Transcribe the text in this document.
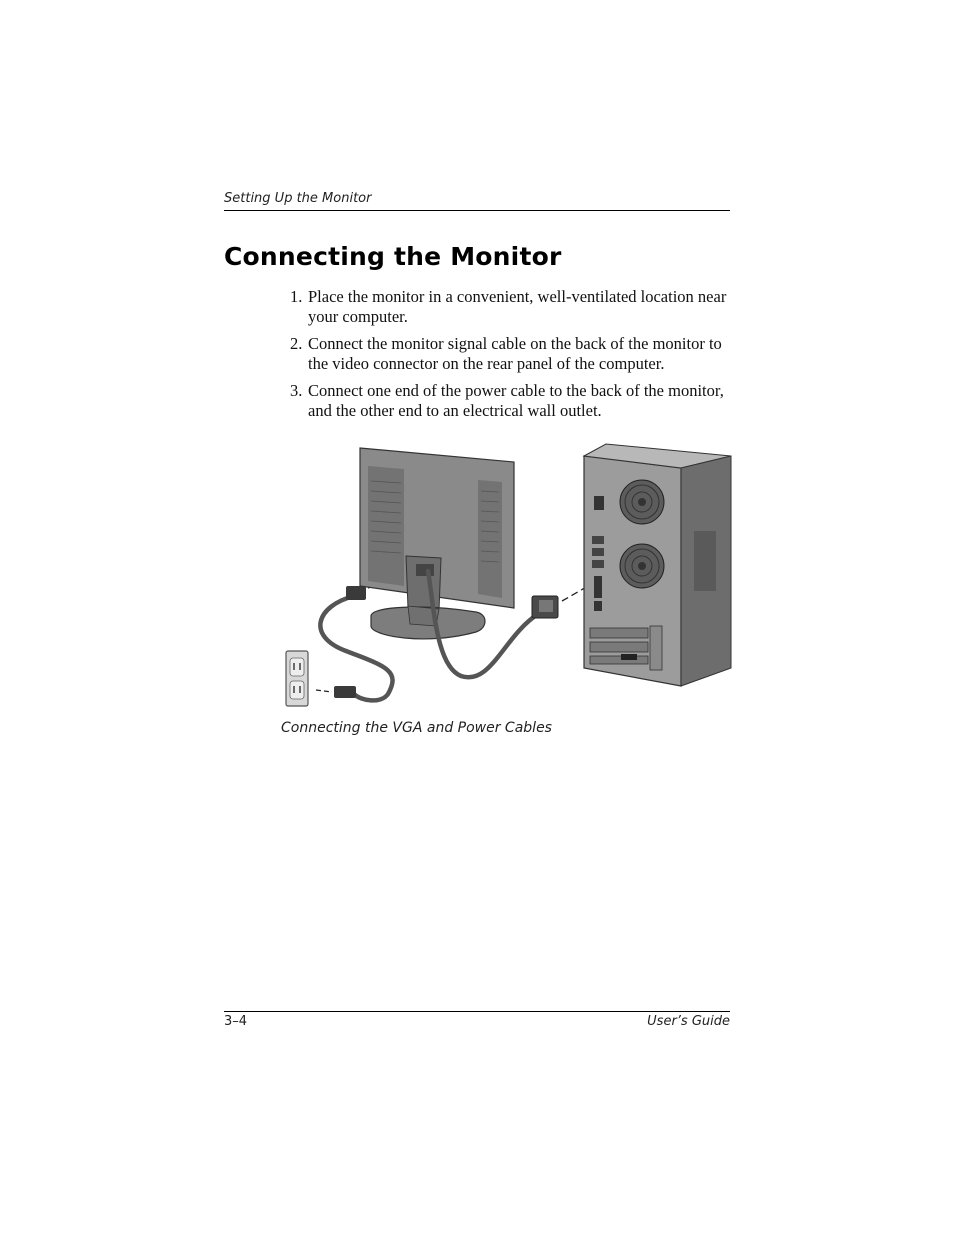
Setting Up the Monitor
Connecting the Monitor
1. Place the monitor in a convenient, well-ventilated location near your computer.
2. Connect the monitor signal cable on the back of the monitor to the video connector on the rear panel of the computer.
3. Connect one end of the power cable to the back of the monitor, and the other end to an electrical wall outlet.
Connecting the VGA and Power Cables
3–4	User’s Guide
